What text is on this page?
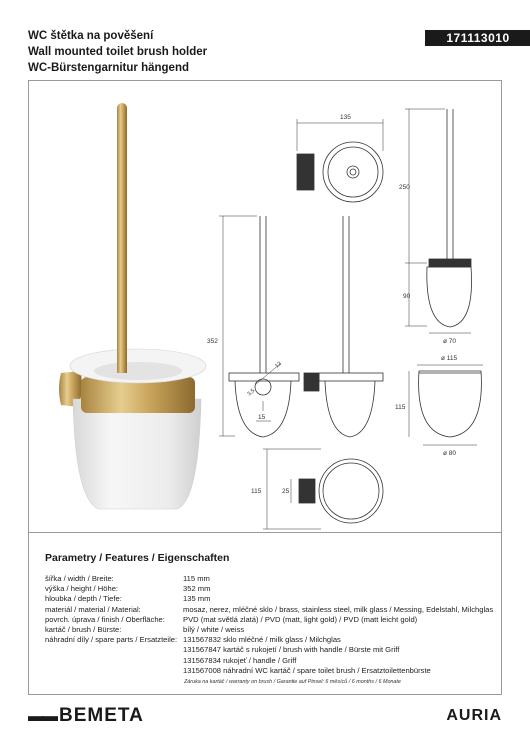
WC štětka na pověšení
Wall mounted toilet brush holder
WC-Bürstengarnitur hängend
171113010
135
250
90
ø 70
352
15
3,5
12
ø 115
115
ø 80
115	25
Parametry / Features / Eigenschaften
šířka / width / Breite:	115 mm
výška / height / Höhe:	352 mm
hloubka / depth / Tiefe:	135 mm
materiál / material / Material:	mosaz, nerez, mléčné sklo / brass, stainless steel, milk glass / Messing, Edelstahl, Milchglas
povrch. úprava / finish / Oberfläche: PVD (mat světlá zlatá) / PVD (matt, light gold) / PVD (matt leicht gold)
kartáč / brush / Bürste:	bílý / white / weiss
náhradní díly / spare parts / Ersatzteile: 131567832 sklo mléčné / milk glass / Milchglas
131567847 kartáč s rukojetí / brush with handle / Bürste mit Griff
131567834 rukojeť / handle / Griff
131567008 náhradní WC kartáč / spare toilet brush / Ersatztoilettenbürste
Záruka na kartáč / warranty on brush / Garantie auf Pinsel: 6 měsíců / 6 months / 6 Monate
▬▬ BEMETA	AURIA
